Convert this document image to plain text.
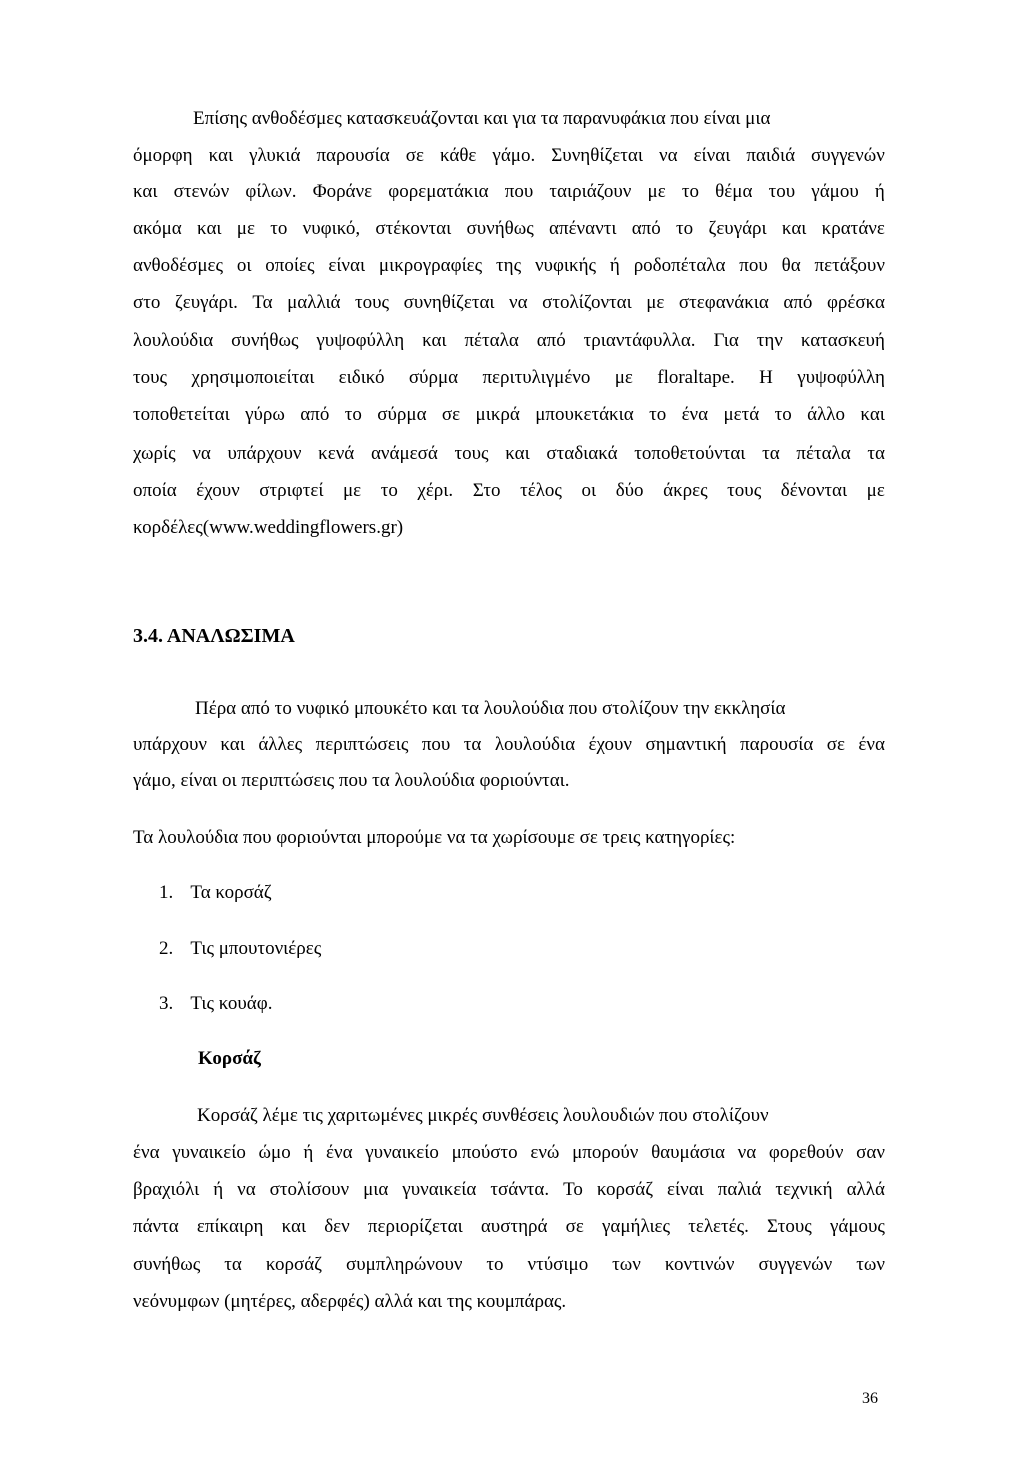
Επίσης ανθοδέσμες κατασκευάζονται και για τα παρανυφάκια που είναι μια
όμορφη και γλυκιά παρουσία σε κάθε γάμο. Συνηθίζεται να είναι παιδιά συγγενών
και στενών φίλων. Φοράνε φορεματάκια που ταιριάζουν με το θέμα του γάμου ή
ακόμα και με το νυφικό, στέκονται συνήθως απέναντι από το ζευγάρι και κρατάνε
ανθοδέσμες οι οποίες είναι μικρογραφίες της νυφικής ή ροδοπέταλα που θα πετάξουν
στο ζευγάρι. Τα μαλλιά τους συνηθίζεται να στολίζονται με στεφανάκια από φρέσκα
λουλούδια συνήθως γυψοφύλλη και πέταλα από τριαντάφυλλα. Για την κατασκευή
τους χρησιμοποιείται ειδικό σύρμα περιτυλιγμένο με floraltape. Η γυψοφύλλη
τοποθετείται γύρω από το σύρμα σε μικρά μπουκετάκια το ένα μετά το άλλο και
χωρίς να υπάρχουν κενά ανάμεσά τους και σταδιακά τοποθετούνται τα πέταλα τα
οποία έχουν στριφτεί με το χέρι. Στο τέλος οι δύο άκρες τους δένονται με
κορδέλες(www.weddingflowers.gr)
3.4. ΑΝΑΛΩΣΙΜΑ
Πέρα από το νυφικό μπουκέτο και τα λουλούδια που στολίζουν την εκκλησία
υπάρχουν και άλλες περιπτώσεις που τα λουλούδια έχουν σημαντική παρουσία σε ένα
γάμο, είναι οι περιπτώσεις που τα λουλούδια φοριούνται.
Τα λουλούδια που φοριούνται μπορούμε να τα χωρίσουμε σε τρεις κατηγορίες:
1. Τα κορσάζ
2. Τις μπουτονιέρες
3. Τις κουάφ.
Κορσάζ
Κορσάζ λέμε τις χαριτωμένες μικρές συνθέσεις λουλουδιών που στολίζουν
ένα γυναικείο ώμο ή ένα γυναικείο μπούστο ενώ μπορούν θαυμάσια να φορεθούν σαν
βραχιόλι ή να στολίσουν μια γυναικεία τσάντα. Το κορσάζ είναι παλιά τεχνική αλλά
πάντα επίκαιρη και δεν περιορίζεται αυστηρά σε γαμήλιες τελετές. Στους γάμους
συνήθως τα κορσάζ συμπληρώνουν το ντύσιμο των κοντινών συγγενών των
νεόνυμφων (μητέρες, αδερφές) αλλά και της κουμπάρας.
36
